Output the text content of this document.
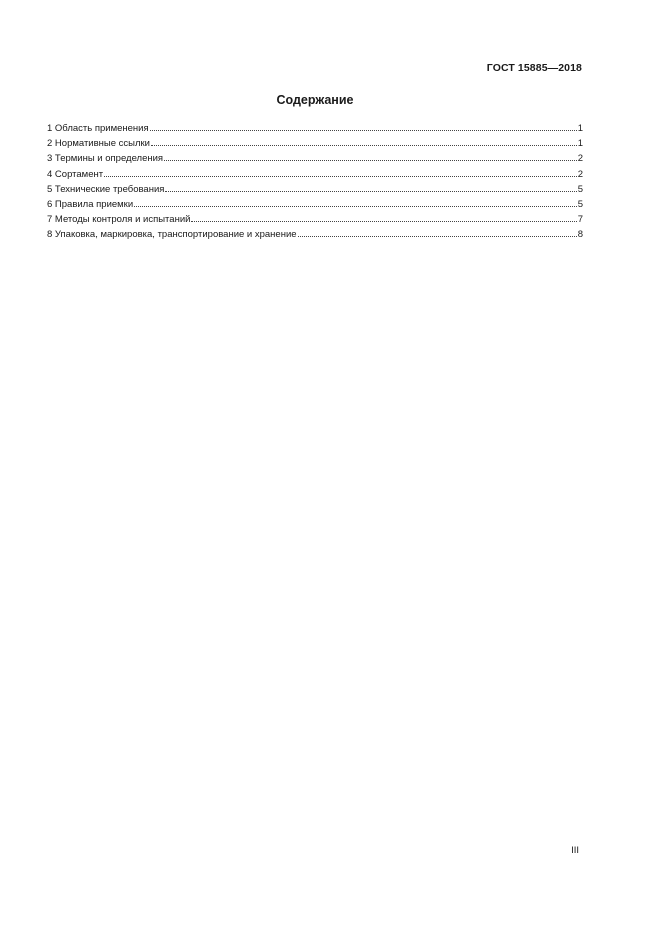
ГОСТ 15885—2018
Содержание
1 Область применения	1
2 Нормативные ссылки	1
3 Термины и определения	2
4 Сортамент	2
5 Технические требования	5
6 Правила приемки	5
7 Методы контроля и испытаний	7
8 Упаковка, маркировка, транспортирование и хранение	8
III
